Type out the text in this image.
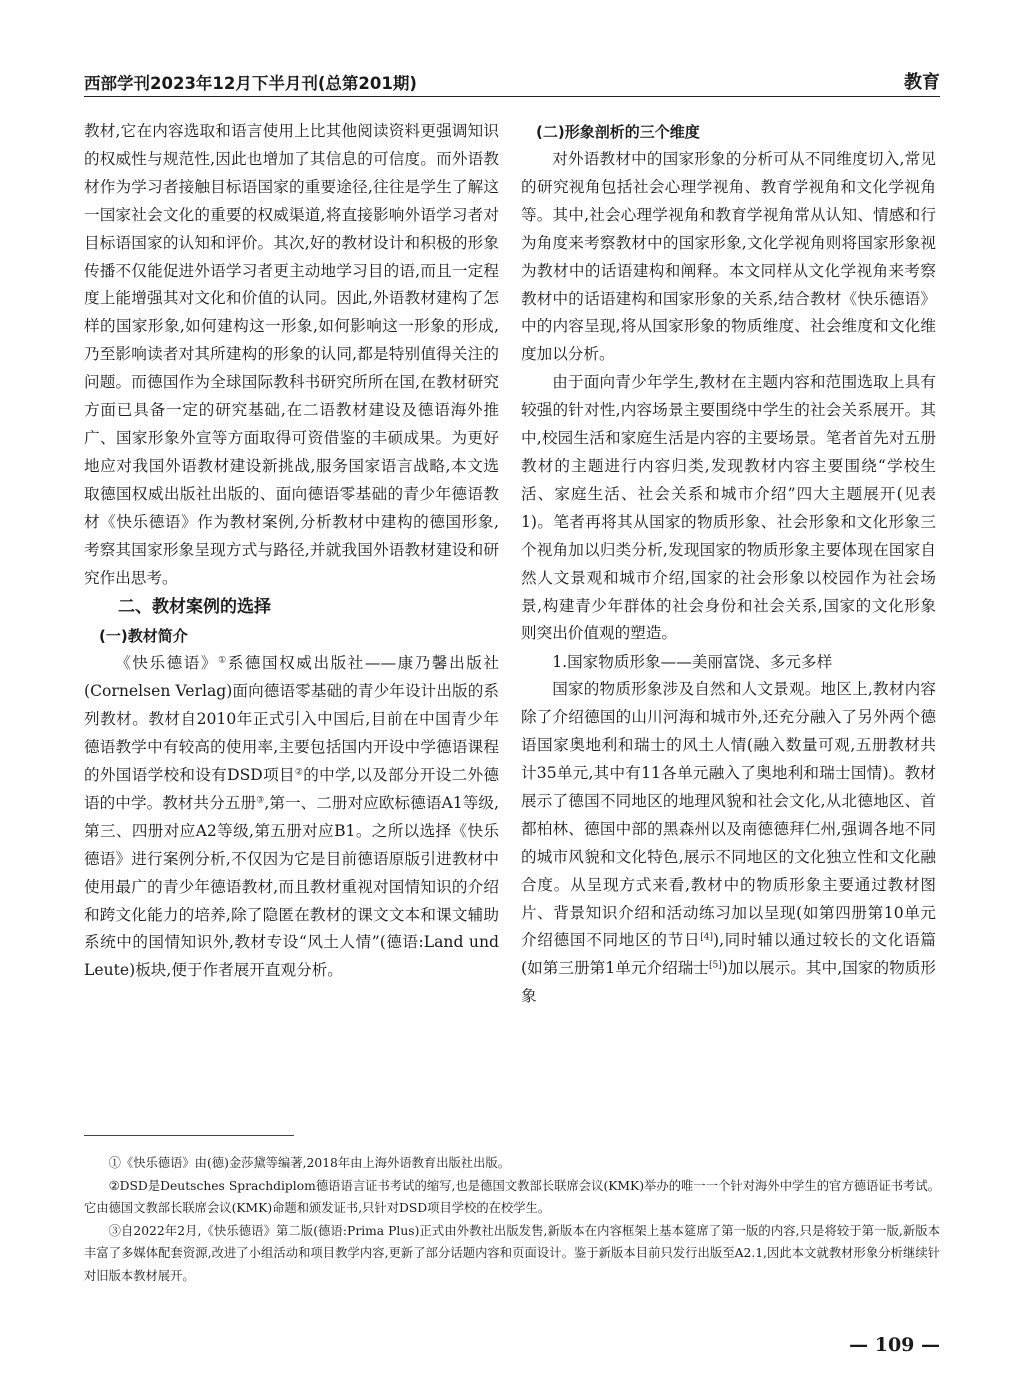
西部学刊2023年12月下半月刊(总第201期)	教育

教材,它在内容选取和语言使用上比其他阅读资料更强调知识的权威性与规范性,因此也增加了其信息的可信度。而外语教材作为学习者接触目标语国家的重要途径,往往是学生了解这一国家社会文化的重要的权威渠道,将直接影响外语学习者对目标语国家的认知和评价。其次,好的教材设计和积极的形象传播不仅能促进外语学习者更主动地学习目的语,而且一定程度上能增强其对文化和价值的认同。因此,外语教材建构了怎样的国家形象,如何建构这一形象,如何影响这一形象的形成,乃至影响读者对其所建构的形象的认同,都是特别值得关注的问题。而德国作为全球国际教科书研究所所在国,在教材研究方面已具备一定的研究基础,在二语教材建设及德语海外推广、国家形象外宣等方面取得可资借鉴的丰硕成果。为更好地应对我国外语教材建设新挑战,服务国家语言战略,本文选取德国权威出版社出版的、面向德语零基础的青少年德语教材《快乐德语》作为教材案例,分析教材中建构的德国形象,考察其国家形象呈现方式与路径,并就我国外语教材建设和研究作出思考。

二、教材案例的选择
(一)教材简介

《快乐德语》①系德国权威出版社——康乃馨出版社(Cornelsen Verlag)面向德语零基础的青少年设计出版的系列教材。教材自2010年正式引入中国后,目前在中国青少年德语教学中有较高的使用率,主要包括国内开设中学德语课程的外国语学校和设有DSD项目②的中学,以及部分开设二外德语的中学。教材共分五册③,第一、二册对应欧标德语A1等级,第三、四册对应A2等级,第五册对应B1。之所以选择《快乐德语》进行案例分析,不仅因为它是目前德语原版引进教材中使用最广的青少年德语教材,而且教材重视对国情知识的介绍和跨文化能力的培养,除了隐匿在教材的课文文本和课文辅助系统中的国情知识外,教材专设“风土人情”(德语:Land und Leute)板块,便于作者展开直观分析。

(二)形象剖析的三个维度

对外语教材中的国家形象的分析可从不同维度切入,常见的研究视角包括社会心理学视角、教育学视角和文化学视角等。其中,社会心理学视角和教育学视角常从认知、情感和行为角度来考察教材中的国家形象,文化学视角则将国家形象视为教材中的话语建构和阐释。本文同样从文化学视角来考察教材中的话语建构和国家形象的关系,结合教材《快乐德语》中的内容呈现,将从国家形象的物质维度、社会维度和文化维度加以分析。

由于面向青少年学生,教材在主题内容和范围选取上具有较强的针对性,内容场景主要围绕中学生的社会关系展开。其中,校园生活和家庭生活是内容的主要场景。笔者首先对五册教材的主题进行内容归类,发现教材内容主要围绕“学校生活、家庭生活、社会关系和城市介绍”四大主题展开(见表1)。笔者再将其从国家的物质形象、社会形象和文化形象三个视角加以归类分析,发现国家的物质形象主要体现在国家自然人文景观和城市介绍,国家的社会形象以校园作为社会场景,构建青少年群体的社会身份和社会关系,国家的文化形象则突出价值观的塑造。

1.国家物质形象——美丽富饶、多元多样

国家的物质形象涉及自然和人文景观。地区上,教材内容除了介绍德国的山川河海和城市外,还充分融入了另外两个德语国家奥地利和瑞士的风土人情(融入数量可观,五册教材共计35单元,其中有11各单元融入了奥地利和瑞士国情)。教材展示了德国不同地区的地理风貌和社会文化,从北德地区、首都柏林、德国中部的黑森州以及南德德拜仁州,强调各地不同的城市风貌和文化特色,展示不同地区的文化独立性和文化融合度。从呈现方式来看,教材中的物质形象主要通过教材图片、背景知识介绍和活动练习加以呈现(如第四册第10单元介绍德国不同地区的节日[4]),同时辅以通过较长的文化语篇(如第三册第1单元介绍瑞士[5])加以展示。其中,国家的物质形象

①《快乐德语》由(德)金莎黛等编著,2018年由上海外语教育出版社出版。

②DSD是Deutsches Sprachdiplom德语语言证书考试的缩写,也是德国文教部长联席会议(KMK)举办的唯一一个针对海外中学生的官方德语证书考试。它由德国文教部长联席会议(KMK)命题和颁发证书,只针对DSD项目学校的在校学生。

③自2022年2月,《快乐德语》第二版(德语:Prima Plus)正式由外教社出版发售,新版本在内容框架上基本筵席了第一版的内容,只是将较于第一版,新版本丰富了多媒体配套资源,改进了小组活动和项目教学内容,更新了部分话题内容和页面设计。鉴于新版本目前只发行出版至A2.1,因此本文就教材形象分析继续针对旧版本教材展开。

— 109 —
